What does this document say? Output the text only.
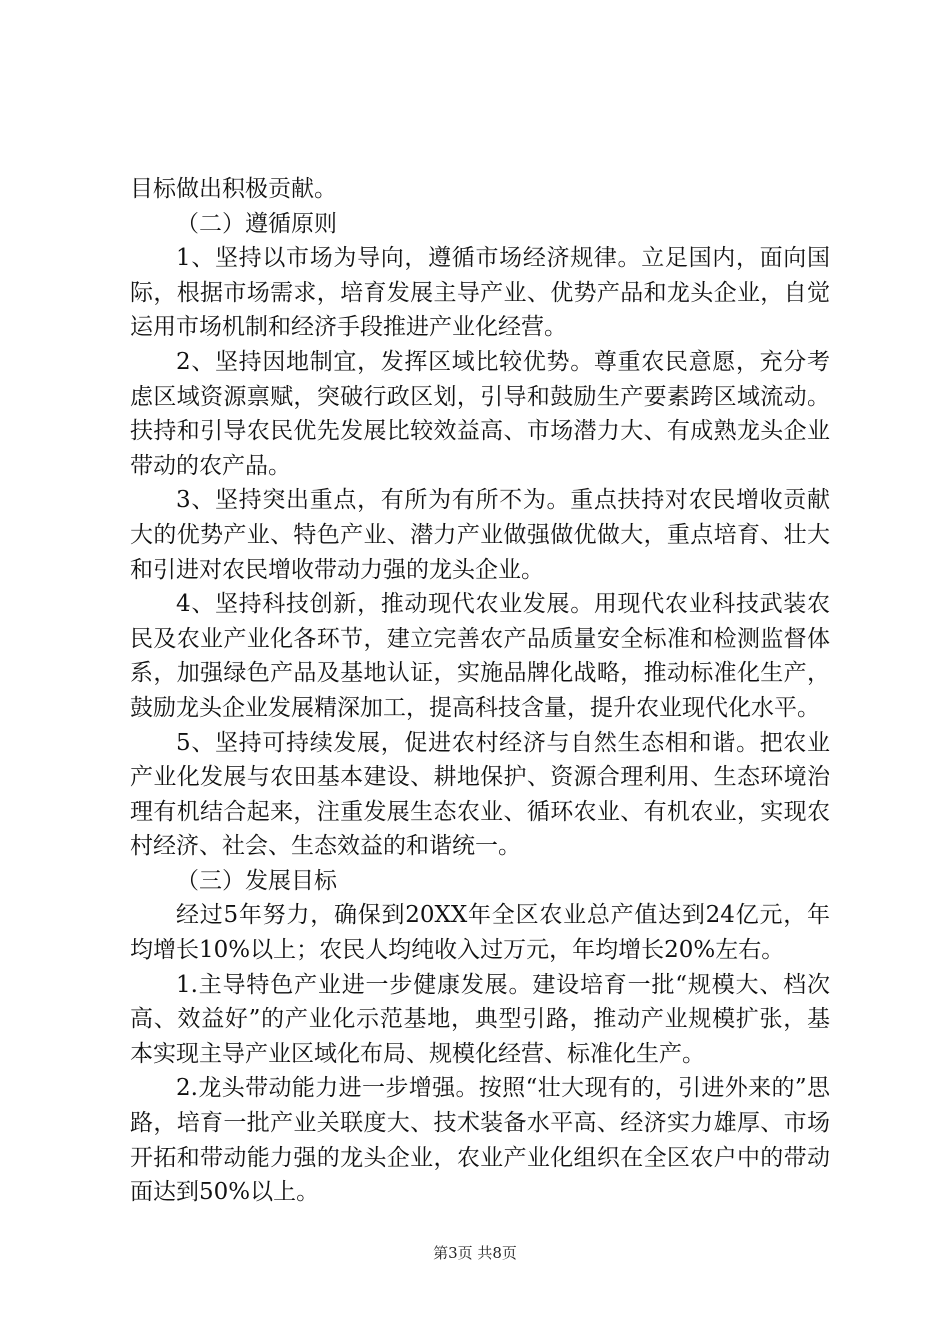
目标做出积极贡献。

（二）遵循原则

1、坚持以市场为导向，遵循市场经济规律。立足国内，面向国际，根据市场需求，培育发展主导产业、优势产品和龙头企业，自觉运用市场机制和经济手段推进产业化经营。

2、坚持因地制宜，发挥区域比较优势。尊重农民意愿，充分考虑区域资源禀赋，突破行政区划，引导和鼓励生产要素跨区域流动。扶持和引导农民优先发展比较效益高、市场潜力大、有成熟龙头企业带动的农产品。

3、坚持突出重点，有所为有所不为。重点扶持对农民增收贡献大的优势产业、特色产业、潜力产业做强做优做大，重点培育、壮大和引进对农民增收带动力强的龙头企业。

4、坚持科技创新，推动现代农业发展。用现代农业科技武装农民及农业产业化各环节，建立完善农产品质量安全标准和检测监督体系，加强绿色产品及基地认证，实施品牌化战略，推动标准化生产，鼓励龙头企业发展精深加工，提高科技含量，提升农业现代化水平。

5、坚持可持续发展，促进农村经济与自然生态相和谐。把农业产业化发展与农田基本建设、耕地保护、资源合理利用、生态环境治理有机结合起来，注重发展生态农业、循环农业、有机农业，实现农村经济、社会、生态效益的和谐统一。

（三）发展目标

经过5年努力，确保到20XX年全区农业总产值达到24亿元，年均增长10%以上；农民人均纯收入过万元，年均增长20%左右。

1.主导特色产业进一步健康发展。建设培育一批“规模大、档次高、效益好”的产业化示范基地，典型引路，推动产业规模扩张，基本实现主导产业区域化布局、规模化经营、标准化生产。

2.龙头带动能力进一步增强。按照“壮大现有的，引进外来的”思路，培育一批产业关联度大、技术装备水平高、经济实力雄厚、市场开拓和带动能力强的龙头企业，农业产业化组织在全区农户中的带动面达到50%以上。

第3页 共8页
